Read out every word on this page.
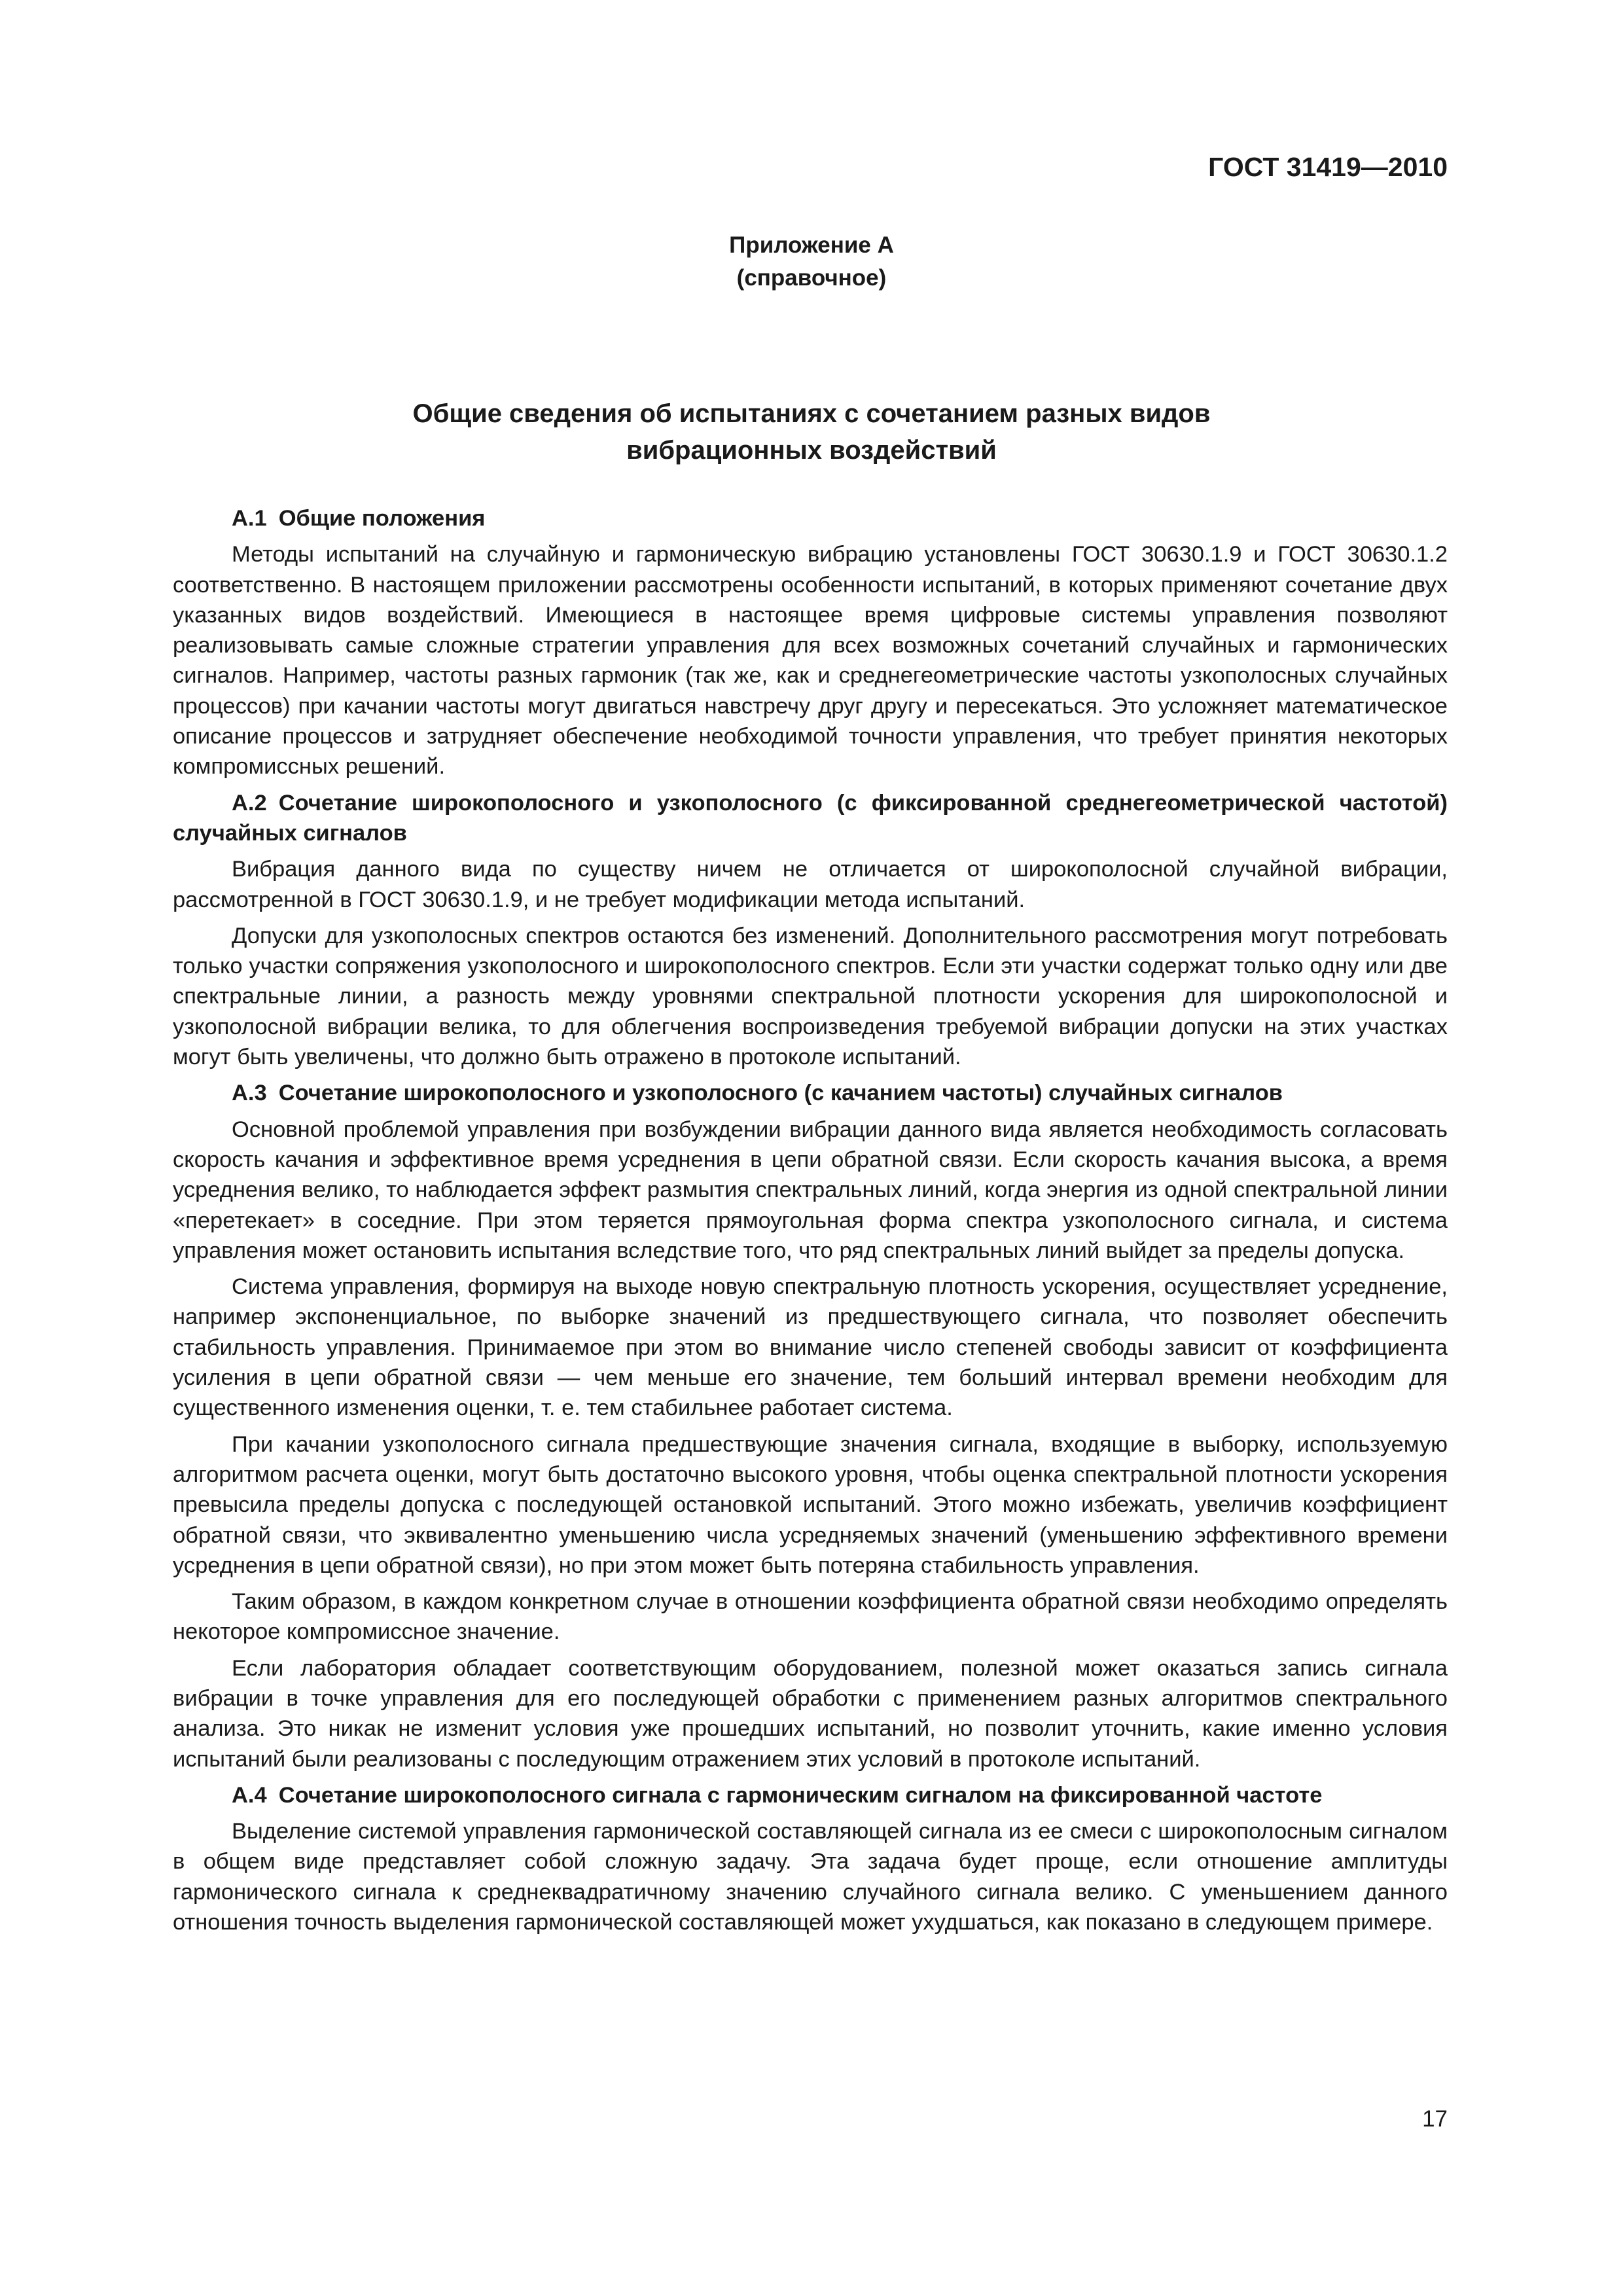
ГОСТ 31419—2010
Приложение А
(справочное)
Общие сведения об испытаниях с сочетанием разных видов
вибрационных воздействий
А.1 Общие положения

Методы испытаний на случайную и гармоническую вибрацию установлены ГОСТ 30630.1.9 и ГОСТ 30630.1.2 соответственно. В настоящем приложении рассмотрены особенности испытаний, в которых применяют сочетание двух указанных видов воздействий. Имеющиеся в настоящее время цифровые системы управления позволяют реализовывать самые сложные стратегии управления для всех возможных сочетаний случайных и гармонических сигналов. Например, частоты разных гармоник (так же, как и среднегеометрические частоты узкополосных случайных процессов) при качании частоты могут двигаться навстречу друг другу и пересекаться. Это усложняет математическое описание процессов и затрудняет обеспечение необходимой точности управления, что требует принятия некоторых компромиссных решений.

А.2 Сочетание широкополосного и узкополосного (с фиксированной среднегеометрической частотой) случайных сигналов

Вибрация данного вида по существу ничем не отличается от широкополосной случайной вибрации, рассмотренной в ГОСТ 30630.1.9, и не требует модификации метода испытаний.

Допуски для узкополосных спектров остаются без изменений. Дополнительного рассмотрения могут потребовать только участки сопряжения узкополосного и широкополосного спектров. Если эти участки содержат только одну или две спектральные линии, а разность между уровнями спектральной плотности ускорения для широкополосной и узкополосной вибрации велика, то для облегчения воспроизведения требуемой вибрации допуски на этих участках могут быть увеличены, что должно быть отражено в протоколе испытаний.

А.3 Сочетание широкополосного и узкополосного (с качанием частоты) случайных сигналов

Основной проблемой управления при возбуждении вибрации данного вида является необходимость согласовать скорость качания и эффективное время усреднения в цепи обратной связи. Если скорость качания высока, а время усреднения велико, то наблюдается эффект размытия спектральных линий, когда энергия из одной спектральной линии «перетекает» в соседние. При этом теряется прямоугольная форма спектра узкополосного сигнала, и система управления может остановить испытания вследствие того, что ряд спектральных линий выйдет за пределы допуска.

Система управления, формируя на выходе новую спектральную плотность ускорения, осуществляет усреднение, например экспоненциальное, по выборке значений из предшествующего сигнала, что позволяет обеспечить стабильность управления. Принимаемое при этом во внимание число степеней свободы зависит от коэффициента усиления в цепи обратной связи — чем меньше его значение, тем больший интервал времени необходим для существенного изменения оценки, т. е. тем стабильнее работает система.

При качании узкополосного сигнала предшествующие значения сигнала, входящие в выборку, используемую алгоритмом расчета оценки, могут быть достаточно высокого уровня, чтобы оценка спектральной плотности ускорения превысила пределы допуска с последующей остановкой испытаний. Этого можно избежать, увеличив коэффициент обратной связи, что эквивалентно уменьшению числа усредняемых значений (уменьшению эффективного времени усреднения в цепи обратной связи), но при этом может быть потеряна стабильность управления.

Таким образом, в каждом конкретном случае в отношении коэффициента обратной связи необходимо определять некоторое компромиссное значение.

Если лаборатория обладает соответствующим оборудованием, полезной может оказаться запись сигнала вибрации в точке управления для его последующей обработки с применением разных алгоритмов спектрального анализа. Это никак не изменит условия уже прошедших испытаний, но позволит уточнить, какие именно условия испытаний были реализованы с последующим отражением этих условий в протоколе испытаний.

А.4 Сочетание широкополосного сигнала с гармоническим сигналом на фиксированной частоте

Выделение системой управления гармонической составляющей сигнала из ее смеси с широкополосным сигналом в общем виде представляет собой сложную задачу. Эта задача будет проще, если отношение амплитуды гармонического сигнала к среднеквадратичному значению случайного сигнала велико. С уменьшением данного отношения точность выделения гармонической составляющей может ухудшаться, как показано в следующем примере.

17
